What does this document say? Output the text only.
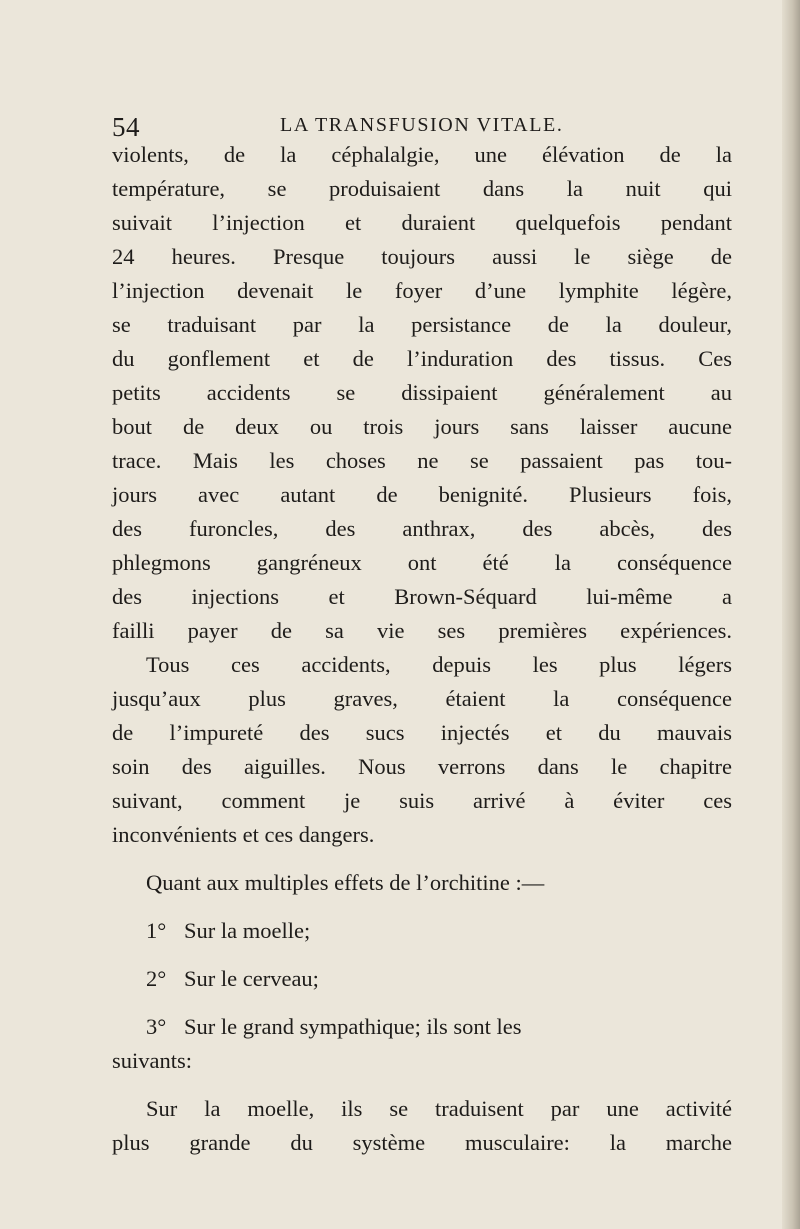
54	LA TRANSFUSION VITALE.
violents, de la céphalalgie, une élévation de la
température, se produisaient dans la nuit qui
suivait l’injection et duraient quelquefois pendant
24 heures. Presque toujours aussi le siège de
l’injection devenait le foyer d’une lymphite légère,
se traduisant par la persistance de la douleur,
du gonflement et de l’induration des tissus. Ces
petits accidents se dissipaient généralement au
bout de deux ou trois jours sans laisser aucune
trace. Mais les choses ne se passaient pas tou-
jours avec autant de benignité. Plusieurs fois,
des furoncles, des anthrax, des abcès, des
phlegmons gangréneux ont été la conséquence
des injections et Brown-Séquard lui-même a
failli payer de sa vie ses premières expériences.
Tous ces accidents, depuis les plus légers
jusqu’aux plus graves, étaient la conséquence
de l’impureté des sucs injectés et du mauvais
soin des aiguilles. Nous verrons dans le chapitre
suivant, comment je suis arrivé à éviter ces
inconvénients et ces dangers.
Quant aux multiples effets de l’orchitine :—
1° Sur la moelle;
2° Sur le cerveau;
3° Sur le grand sympathique; ils sont les
suivants:
Sur la moelle, ils se traduisent par une activité
plus grande du système musculaire: la marche
